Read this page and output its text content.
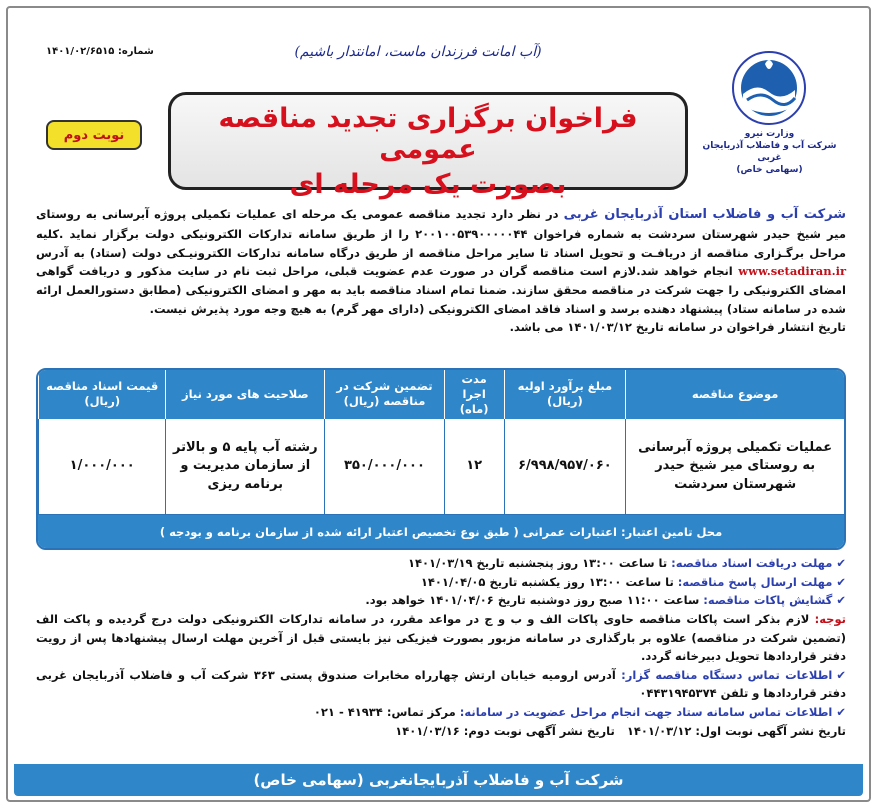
شماره: ۱۴۰۱/۰۲/۶۵۱۵	(آب امانت فرزندان ماست، امانتدار باشیم)
وزارت نیرو
شرکت آب و فاضلاب آذربایجان غربی
(سهامی خاص)
فراخوان برگزاری تجدید مناقصه عمومی
بصورت یک مرحله ای
نوبت دوم
شرکت آب و فاضلاب استان آذربایجان غربی در نظر دارد تجدید مناقصه عمومی یک مرحله ای عملیات تکمیلی پروژه آبرسانی به روستای میر شیخ حیدر شهرستان سردشت به شماره فراخوان ۲۰۰۱۰۰۵۳۹۰۰۰۰۰۴۴ را از طریق سامانه تدارکات الکترونیکی دولت برگزار نماید .کلیه مراحل برگـزاری مناقصه از دریافـت و تحویل اسناد تا سایر مراحل مناقصه از طریق درگاه سامانه تدارکات الکترونیـکی دولت (ستاد) به آدرس www.setadiran.ir انجام خواهد شد.لازم است مناقصه گران در صورت عدم عضویت قبلی، مراحل ثبت نام در سایت مذکور و دریافت گواهی امضای الکترونیکی را جهت شرکت در مناقصه محقق سازند. ضمنا تمام اسناد مناقصه باید به مهر و امضای الکترونیکی (مطابق دستورالعمل ارائه شده در سامانه ستاد) پیشنهاد دهنده برسد و اسناد فاقد امضای الکترونیکی (دارای مهر گرم) به هیچ وجه مورد پذیرش نیست.
تاریخ انتشار فراخوان در سامانه تاریخ ۱۴۰۱/۰۳/۱۲ می باشد.
موضوع مناقصه	مبلغ برآورد اولیه (ریال)	مدت اجرا (ماه)	تضمین شرکت در مناقصه (ریال)	صلاحیت های مورد نیاز	قیمت اسناد مناقصه (ریال)
عملیات تکمیلی پروژه آبرسانی به روستای میر شیخ حیدر شهرستان سردشت	۶/۹۹۸/۹۵۷/۰۶۰	۱۲	۳۵۰/۰۰۰/۰۰۰	رشته آب پایه ۵ و بالاتر از سازمان مدیریت و برنامه ریزی	۱/۰۰۰/۰۰۰
محل تامین اعتبار: اعتبارات عمرانی ( طبق نوع تخصیص اعتبار ارائه شده از سازمان برنامه و بودجه )
✔مهلت دریافت اسناد مناقصه: تا ساعت ۱۳:۰۰ روز پنجشنبه تاریخ ۱۴۰۱/۰۳/۱۹
✔مهلت ارسال پاسخ مناقصه: تا ساعت ۱۳:۰۰ روز یکشنبه تاریخ ۱۴۰۱/۰۴/۰۵
✔گشایش پاکات مناقصه: ساعت ۱۱:۰۰ صبح روز دوشنبه تاریخ ۱۴۰۱/۰۴/۰۶ خواهد بود.
توجه: لازم بذکر است پاکات مناقصه حاوی پاکات الف و ب و ج در مواعد مقرر، در سامانه تدارکات الکترونیکی دولت درج گردیده و پاکت الف (تضمین شرکت در مناقصه) علاوه بر بارگذاری در سامانه مزبور بصورت فیزیکی نیز بایستی قبل از آخرین مهلت ارسال پیشنهادها پس از رویت دفتر قراردادها تحویل دبیرخانه گردد.
✔اطلاعات تماس دستگاه مناقصه گزار: آدرس ارومیه خیابان ارتش چهارراه مخابرات صندوق پستی ۳۶۳ شرکت آب و فاضلاب آذربایجان غربی دفتر قراردادها و تلفن ۰۴۴۳۱۹۴۵۳۷۴
✔اطلاعات تماس سامانه ستاد جهت انجام مراحل عضویت در سامانه: مرکز تماس: ۴۱۹۳۴ - ۰۲۱
تاریخ نشر آگهی نوبت اول: ۱۴۰۱/۰۳/۱۲   تاریخ نشر آگهی نوبت دوم: ۱۴۰۱/۰۳/۱۶
شرکت آب و فاضلاب آذربایجانغربی (سهامی خاص)
